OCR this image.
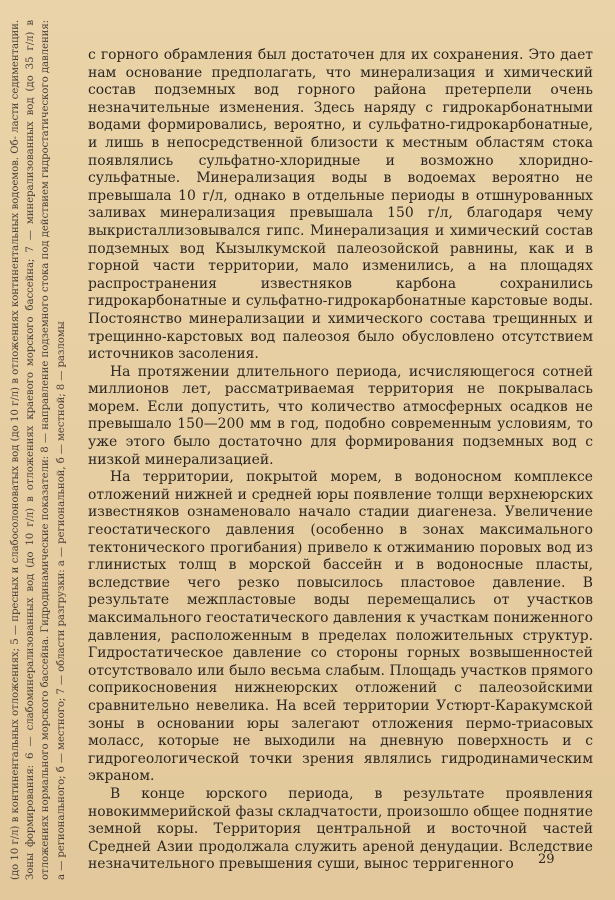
(до 10 г/л) в континентальных отложениях; 5 — пресных и слабосолоноватых вод (до 10 г/л) в отложениях континентальных водоемов. Об- ласти седиментации. Зоны формирования: 6 — слабоминерализованных вод (до 10 г/л) в отложениях краевого морского бассейна; 7 — минерализованных вод (до 35 г/л) в отложениях нормального морского бассейна. Гидродинамические показатели: 8 — направление подземного стока под действием гидростатического давления: а — регионального; б — местного; 7 — области разгрузки: а — региональной, б — местной; 8 — разломы

с горного обрамления был достаточен для их сохранения. Это дает нам основание предполагать, что минерализация и химический состав подземных вод горного района претерпели очень незначительные изменения. Здесь наряду с гидрокарбонатными водами формировались, вероятно, и сульфатно-гидрокарбонатные, и лишь в непосредственной близости к местным областям стока появлялись сульфатно-хлоридные и возможно хлоридно-сульфатные. Минерализация воды в водоемах вероятно не превышала 10 г/л, однако в отдельные периоды в отшнурованных заливах минерализация превышала 150 г/л, благодаря чему выкристаллизовывался гипс. Минерализация и химический состав подземных вод Кызылкумской палеозойской равнины, как и в горной части территории, мало изменились, а на площадях распространения известняков карбона сохранились гидрокарбонатные и сульфатно-гидрокарбонатные карстовые воды. Постоянство минерализации и химического состава трещинных и трещинно-карстовых вод палеозоя было обусловлено отсутствием источников засоления.

На протяжении длительного периода, исчисляющегося сотней миллионов лет, рассматриваемая территория не покрывалась морем. Если допустить, что количество атмосферных осадков не превышало 150—200 мм в год, подобно современным условиям, то уже этого было достаточно для формирования подземных вод с низкой минерализацией.

На территории, покрытой морем, в водоносном комплексе отложений нижней и средней юры появление толщи верхнеюрских известняков ознаменовало начало стадии диагенеза. Увеличение геостатического давления (особенно в зонах максимального тектонического прогибания) привело к отжиманию поровых вод из глинистых толщ в морской бассейн и в водоносные пласты, вследствие чего резко повысилось пластовое давление. В результате межпластовые воды перемещались от участков максимального геостатического давления к участкам пониженного давления, расположенным в пределах положительных структур. Гидростатическое давление со стороны горных возвышенностей отсутствовало или было весьма слабым. Площадь участков прямого соприкосновения нижнеюрских отложений с палеозойскими сравнительно невелика. На всей территории Устюрт-Каракумской зоны в основании юры залегают отложения пермо-триасовых моласс, которые не выходили на дневную поверхность и с гидрогеологической точки зрения являлись гидродинамическим экраном.

В конце юрского периода, в результате проявления новокиммерийской фазы складчатости, произошло общее поднятие земной коры. Территория центральной и восточной частей Средней Азии продолжала служить ареной денудации. Вследствие незначительного превышения суши, вынос терригенного	29
